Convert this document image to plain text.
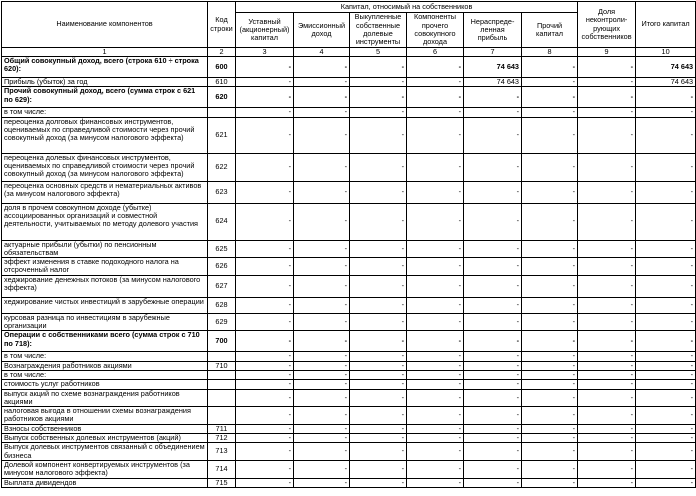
Наименование компонентов	Код строки	Капитал, относимый на собственников						Доля неконтроли-рующих собственников	Итого капитал
		Уставный (акционерный) капитал	Эмиссионный доход	Выкупленные собственные долевые инструменты	Компоненты прочего совокупного дохода	Нераспреде-ленная прибыль	Прочий капитал		
1	2	3	4	5	6	7	8	9	10
Общий совокупный доход, всего (строка 610 ÷ строка 620):	600	-	-	-	-	74 643	-	-	74 643
Прибыль (убыток) за год	610	-	-	-	-	74 643	-	-	74 643
Прочий совокупный доход, всего (сумма строк с 621 по 629):	620	-	-	-	-	-	-	-	-
в том числе:		-	-	-	-	-	-	-	-
переоценка долговых финансовых инструментов, оцениваемых по справедливой стоимости через прочий совокупный доход (за минусом налогового эффекта)	621	-	-	-	-	-	-	-	-
переоценка долевых финансовых инструментов, оцениваемых по справедливой стоимости через прочий совокупный доход (за минусом налогового эффекта)	622	-	-	-	-	-	-	-	-
переоценка основных средств и нематериальных активов (за минусом налогового эффекта)	623	-	-	-	-	-	-	-	-
доля в прочем совокупном доходе (убытке) ассоциированных организаций и совместной деятельности, учитываемых по методу долевого участия	624	-	-	-	-	-	-	-	-
актуарные прибыли (убытки) по пенсионным обязательствам	625	-	-	-	-	-	-	-	-
эффект изменения в ставке подоходного налога на отсроченный налог	626	-	-	-	-	-	-	-	-
хеджирование денежных потоков (за минусом налогового эффекта)	627	-	-	-	-	-	-	-	-
хеджирование чистых инвестиций в зарубежные операции	628	-	-	-	-	-	-	-	-
курсовая разница по инвестициям в зарубежные организации	629	-	-	-	-	-	-	-	-
Операции с собственниками всего (сумма строк с 710 по 718):	700	-	-	-	-	-	-	-	-
в том числе:		-	-	-	-	-	-	-	-
Вознаграждения работников акциями	710	-	-	-	-	-	-	-	-
в том числе:		-	-	-	-	-	-	-	-
стоимость услуг работников		-	-	-	-	-	-	-	-
выпуск акций по схеме вознаграждения работников акциями		-	-	-	-	-	-	-	-
налоговая выгода в отношении схемы вознаграждения работников акциями		-	-	-	-	-	-	-	-
Взносы собственников	711	-	-	-	-	-	-	-	-
Выпуск собственных долевых инструментов (акций)	712	-	-	-	-	-	-	-	-
Выпуск долевых инструментов связанный с объединением бизнеса	713	-	-	-	-	-	-	-	-
Долевой компонент конвертируемых инструментов (за минусом налогового эффекта)	714	-	-	-	-	-	-	-	-
Выплата дивидендов	715	-	-	-	-	-	-	-	-
